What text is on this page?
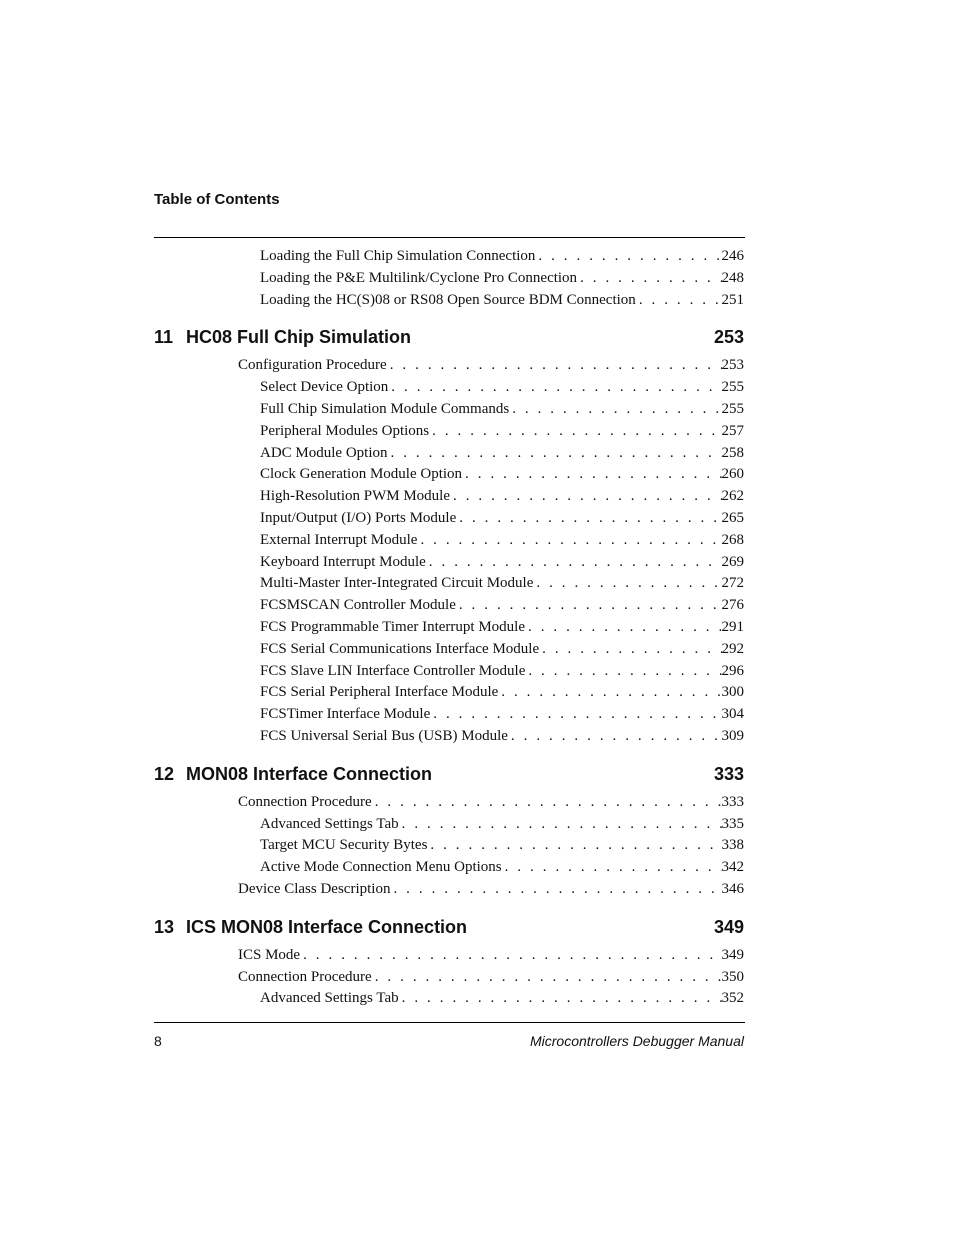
Table of Contents
Loading the Full Chip Simulation Connection . . .	246
Loading the P&E Multilink/Cyclone Pro Connection . . .	248
Loading the HC(S)08 or RS08 Open Source BDM Connection . . .	251
11 HC08 Full Chip Simulation	253
Configuration Procedure . . .	253
Select Device Option . . .	255
Full Chip Simulation Module Commands . . .	255
Peripheral Modules Options . . .	257
ADC Module Option . . .	258
Clock Generation Module Option . . .	260
High-Resolution PWM Module . . .	262
Input/Output (I/O) Ports Module . . .	265
External Interrupt Module . . .	268
Keyboard Interrupt Module . . .	269
Multi-Master Inter-Integrated Circuit Module . . .	272
FCSMSCAN Controller Module . . .	276
FCS Programmable Timer Interrupt Module . . .	291
FCS Serial Communications Interface Module . . .	292
FCS Slave LIN Interface Controller Module . . .	296
FCS Serial Peripheral Interface Module . . .	300
FCSTimer Interface Module . . .	304
FCS Universal Serial Bus (USB) Module . . .	309
12 MON08 Interface Connection	333
Connection Procedure . . .	333
Advanced Settings Tab . . .	335
Target MCU Security Bytes . . .	338
Active Mode Connection Menu Options . . .	342
Device Class Description . . .	346
13 ICS MON08 Interface Connection	349
ICS Mode . . .	349
Connection Procedure . . .	350
Advanced Settings Tab . . .	352
8	Microcontrollers Debugger Manual
